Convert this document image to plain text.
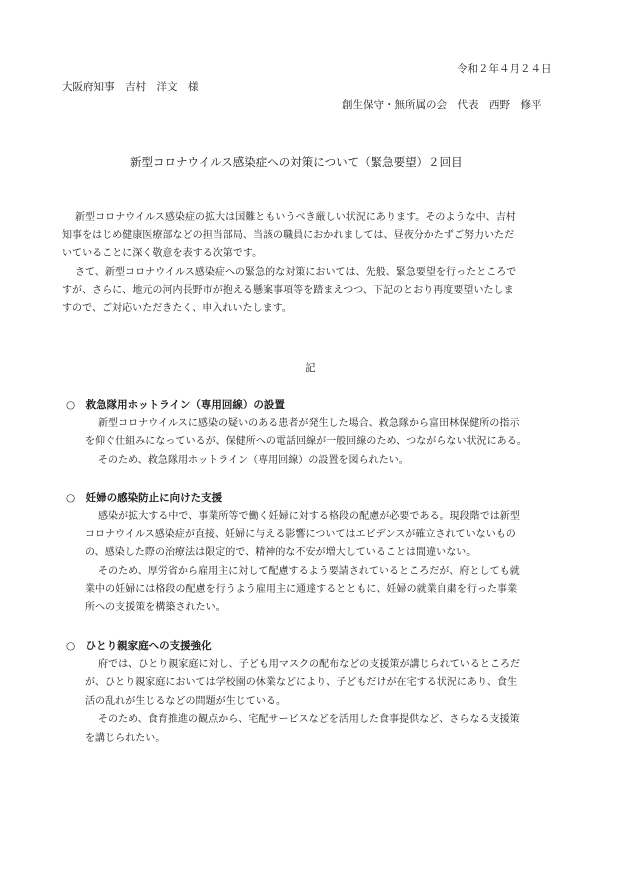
令和２年４月２４日
大阪府知事　吉村　洋文　様
創生保守・無所属の会　代表　西野　修平
新型コロナウイルス感染症への対策について（緊急要望）２回目
新型コロナウイルス感染症の拡大は国難ともいうべき厳しい状況にあります。そのような中、吉村
知事をはじめ健康医療部などの担当部局、当該の職員におかれましては、昼夜分かたずご努力いただ
いていることに深く敬意を表する次第です。
さて、新型コロナウイルス感染症への緊急的な対策においては、先般、緊急要望を行ったところで
すが、さらに、地元の河内長野市が抱える懸案事項等を踏まえつつ、下記のとおり再度要望いたしま
すので、ご対応いただきたく、申入れいたします。
記
○　救急隊用ホットライン（専用回線）の設置
新型コロナウイルスに感染の疑いのある患者が発生した場合、救急隊から富田林保健所の指示
を仰ぐ仕組みになっているが、保健所への電話回線が一般回線のため、つながらない状況にある。
そのため、救急隊用ホットライン（専用回線）の設置を図られたい。
○　妊婦の感染防止に向けた支援
感染が拡大する中で、事業所等で働く妊婦に対する格段の配慮が必要である。現段階では新型
コロナウイルス感染症が直接、妊婦に与える影響についてはエビデンスが確立されていないもの
の、感染した際の治療法は限定的で、精神的な不安が増大していることは間違いない。
そのため、厚労省から雇用主に対して配慮するよう要請されているところだが、府としても就
業中の妊婦には格段の配慮を行うよう雇用主に通達するとともに、妊婦の就業自粛を行った事業
所への支援策を構築されたい。
○　ひとり親家庭への支援強化
府では、ひとり親家庭に対し、子ども用マスクの配布などの支援策が講じられているところだ
が、ひとり親家庭においては学校園の休業などにより、子どもだけが在宅する状況にあり、食生
活の乱れが生じるなどの問題が生じている。
そのため、食育推進の観点から、宅配サービスなどを活用した食事提供など、さらなる支援策
を講じられたい。
